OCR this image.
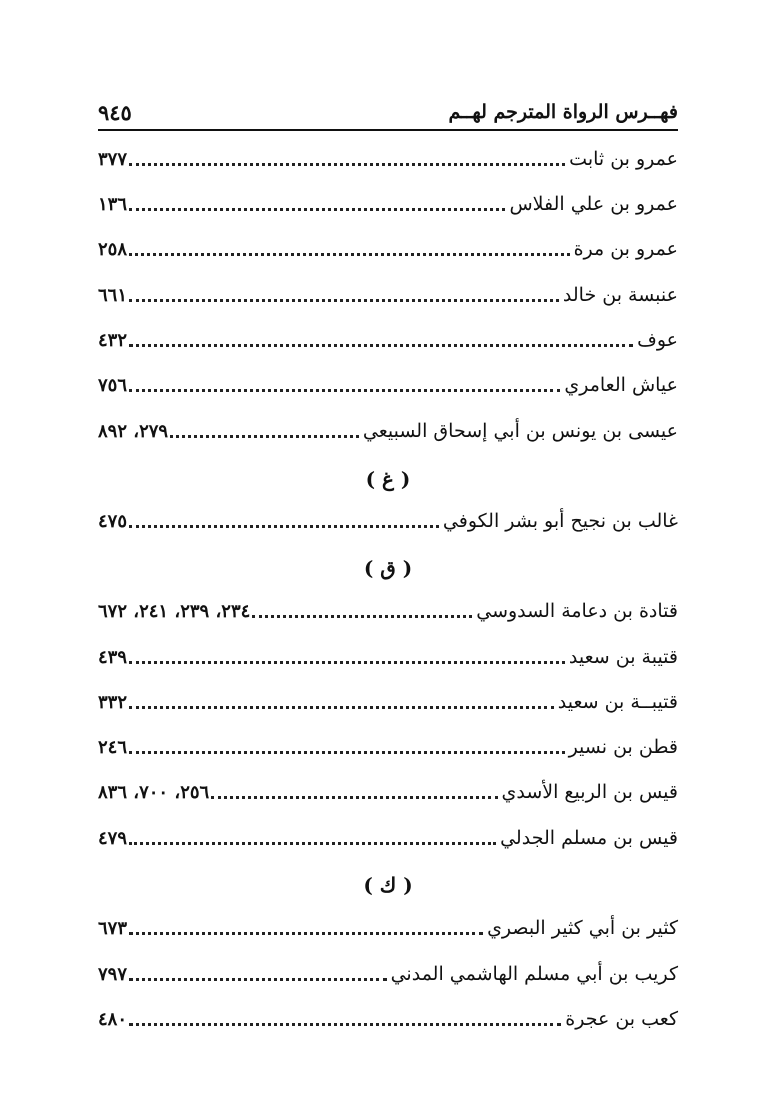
فهــرس الرواة المترجم لهــم
٩٤٥
عمرو بن ثابت
٣٧٧
عمرو بن علي الفلاس
١٣٦
عمرو بن مرة
٢٥٨
عنبسة بن خالد
٦٦١
عوف
٤٣٢
عياش العامري
٧٥٦
عيسى بن يونس بن أبي إسحاق السبيعي
٢٧٩، ٨٩٢
( غ )
غالب بن نجيح أبو بشر الكوفي
٤٧٥
( ق )
قتادة بن دعامة السدوسي
٢٣٤، ٢٣٩، ٢٤١، ٦٧٢
قتيبة بن سعيد
٤٣٩
قتيبــة بن سعيد
٣٣٢
قطن بن نسير
٢٤٦
قيس بن الربيع الأسدي
٢٥٦، ٧٠٠، ٨٣٦
قيس بن مسلم الجدلي
٤٧٩
( ك )
كثير بن أبي كثير البصري
٦٧٣
كريب بن أبي مسلم الهاشمي المدني
٧٩٧
كعب بن عجرة
٤٨٠
